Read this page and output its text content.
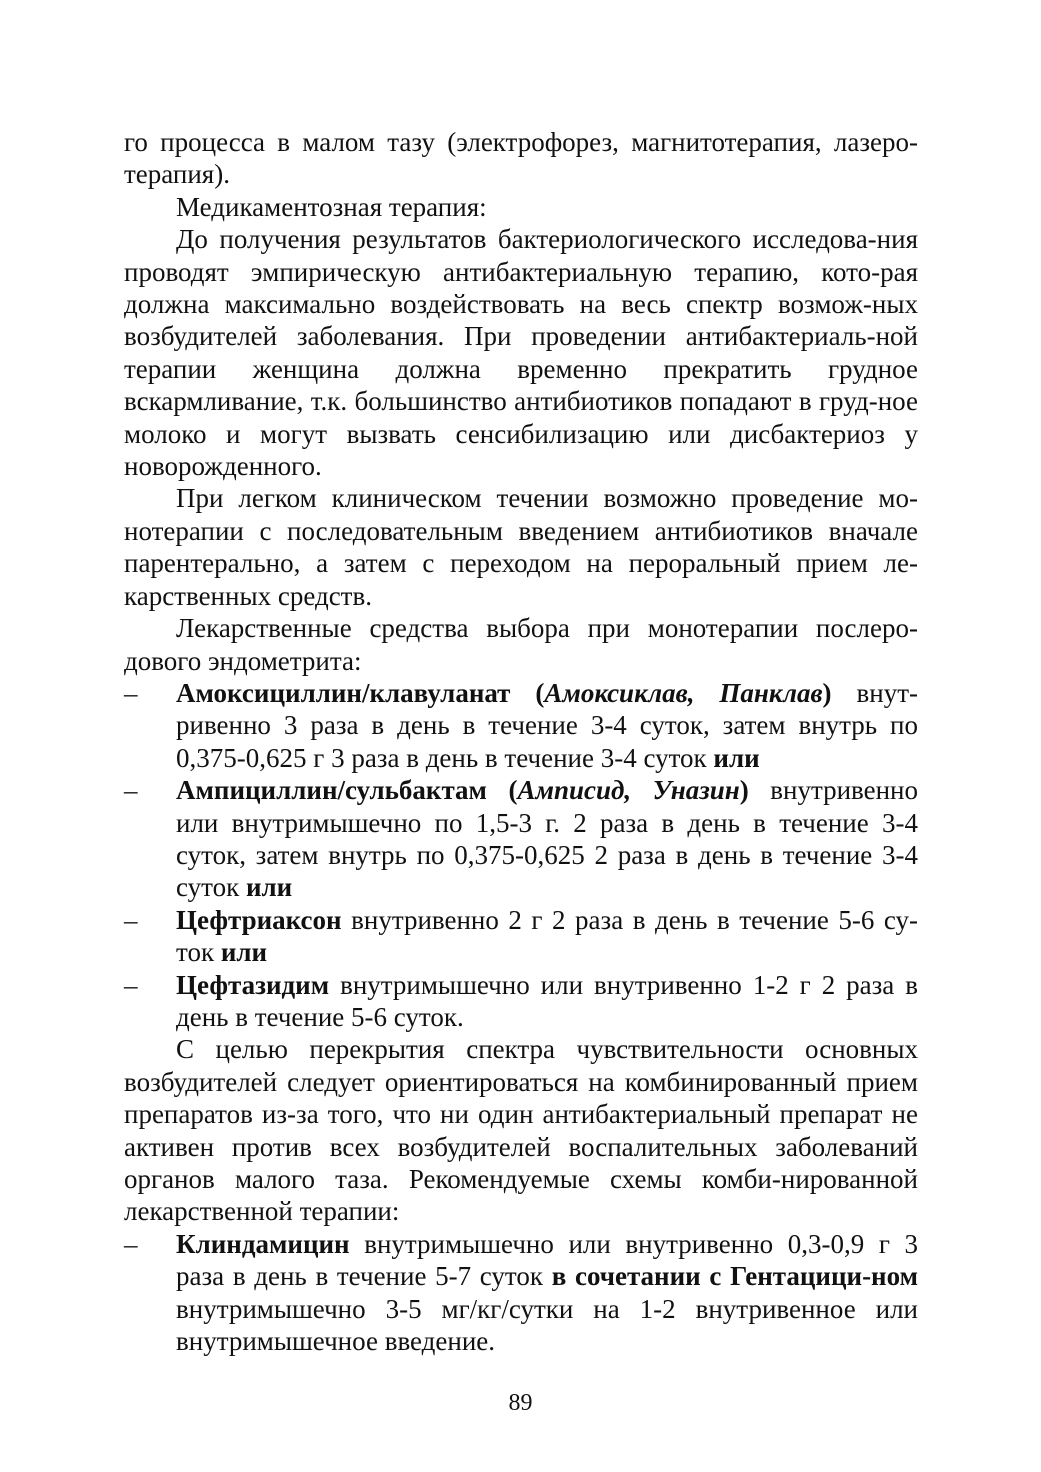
го процесса в малом тазу (электрофорез, магнитотерапия, лазеро-терапия).

Медикаментозная терапия:

До получения результатов бактериологического исследова-ния проводят эмпирическую антибактериальную терапию, кото-рая должна максимально воздействовать на весь спектр возмож-ных возбудителей заболевания. При проведении антибактериаль-ной терапии женщина должна временно прекратить грудное вскармливание, т.к. большинство антибиотиков попадают в груд-ное молоко и могут вызвать сенсибилизацию или дисбактериоз у новорожденного.

При легком клиническом течении возможно проведение мо-нотерапии с последовательным введением антибиотиков вначале парентерально, а затем с переходом на пероральный прием ле-карственных средств.

Лекарственные средства выбора при монотерапии послеро-дового эндометрита:

– Амоксициллин/клавуланат (Амоксиклав, Панклав) внут-ривенно 3 раза в день в течение 3-4 суток, затем внутрь по 0,375-0,625 г 3 раза в день в течение 3-4 суток или
– Ампициллин/сульбактам (Амписид, Уназин) внутривенно или внутримышечно по 1,5-3 г. 2 раза в день в течение 3-4 суток, затем внутрь по 0,375-0,625 2 раза в день в течение 3-4 суток или
– Цефтриаксон внутривенно 2 г 2 раза в день в течение 5-6 су-ток или
– Цефтазидим внутримышечно или внутривенно 1-2 г 2 раза в день в течение 5-6 суток.

С целью перекрытия спектра чувствительности основных возбудителей следует ориентироваться на комбинированный прием препаратов из-за того, что ни один антибактериальный препарат не активен против всех возбудителей воспалительных заболеваний органов малого таза. Рекомендуемые схемы комби-нированной лекарственной терапии:

– Клиндамицин внутримышечно или внутривенно 0,3-0,9 г 3 раза в день в течение 5-7 суток в сочетании с Гентацици-ном внутримышечно 3-5 мг/кг/сутки на 1-2 внутривенное или внутримышечное введение.
89
